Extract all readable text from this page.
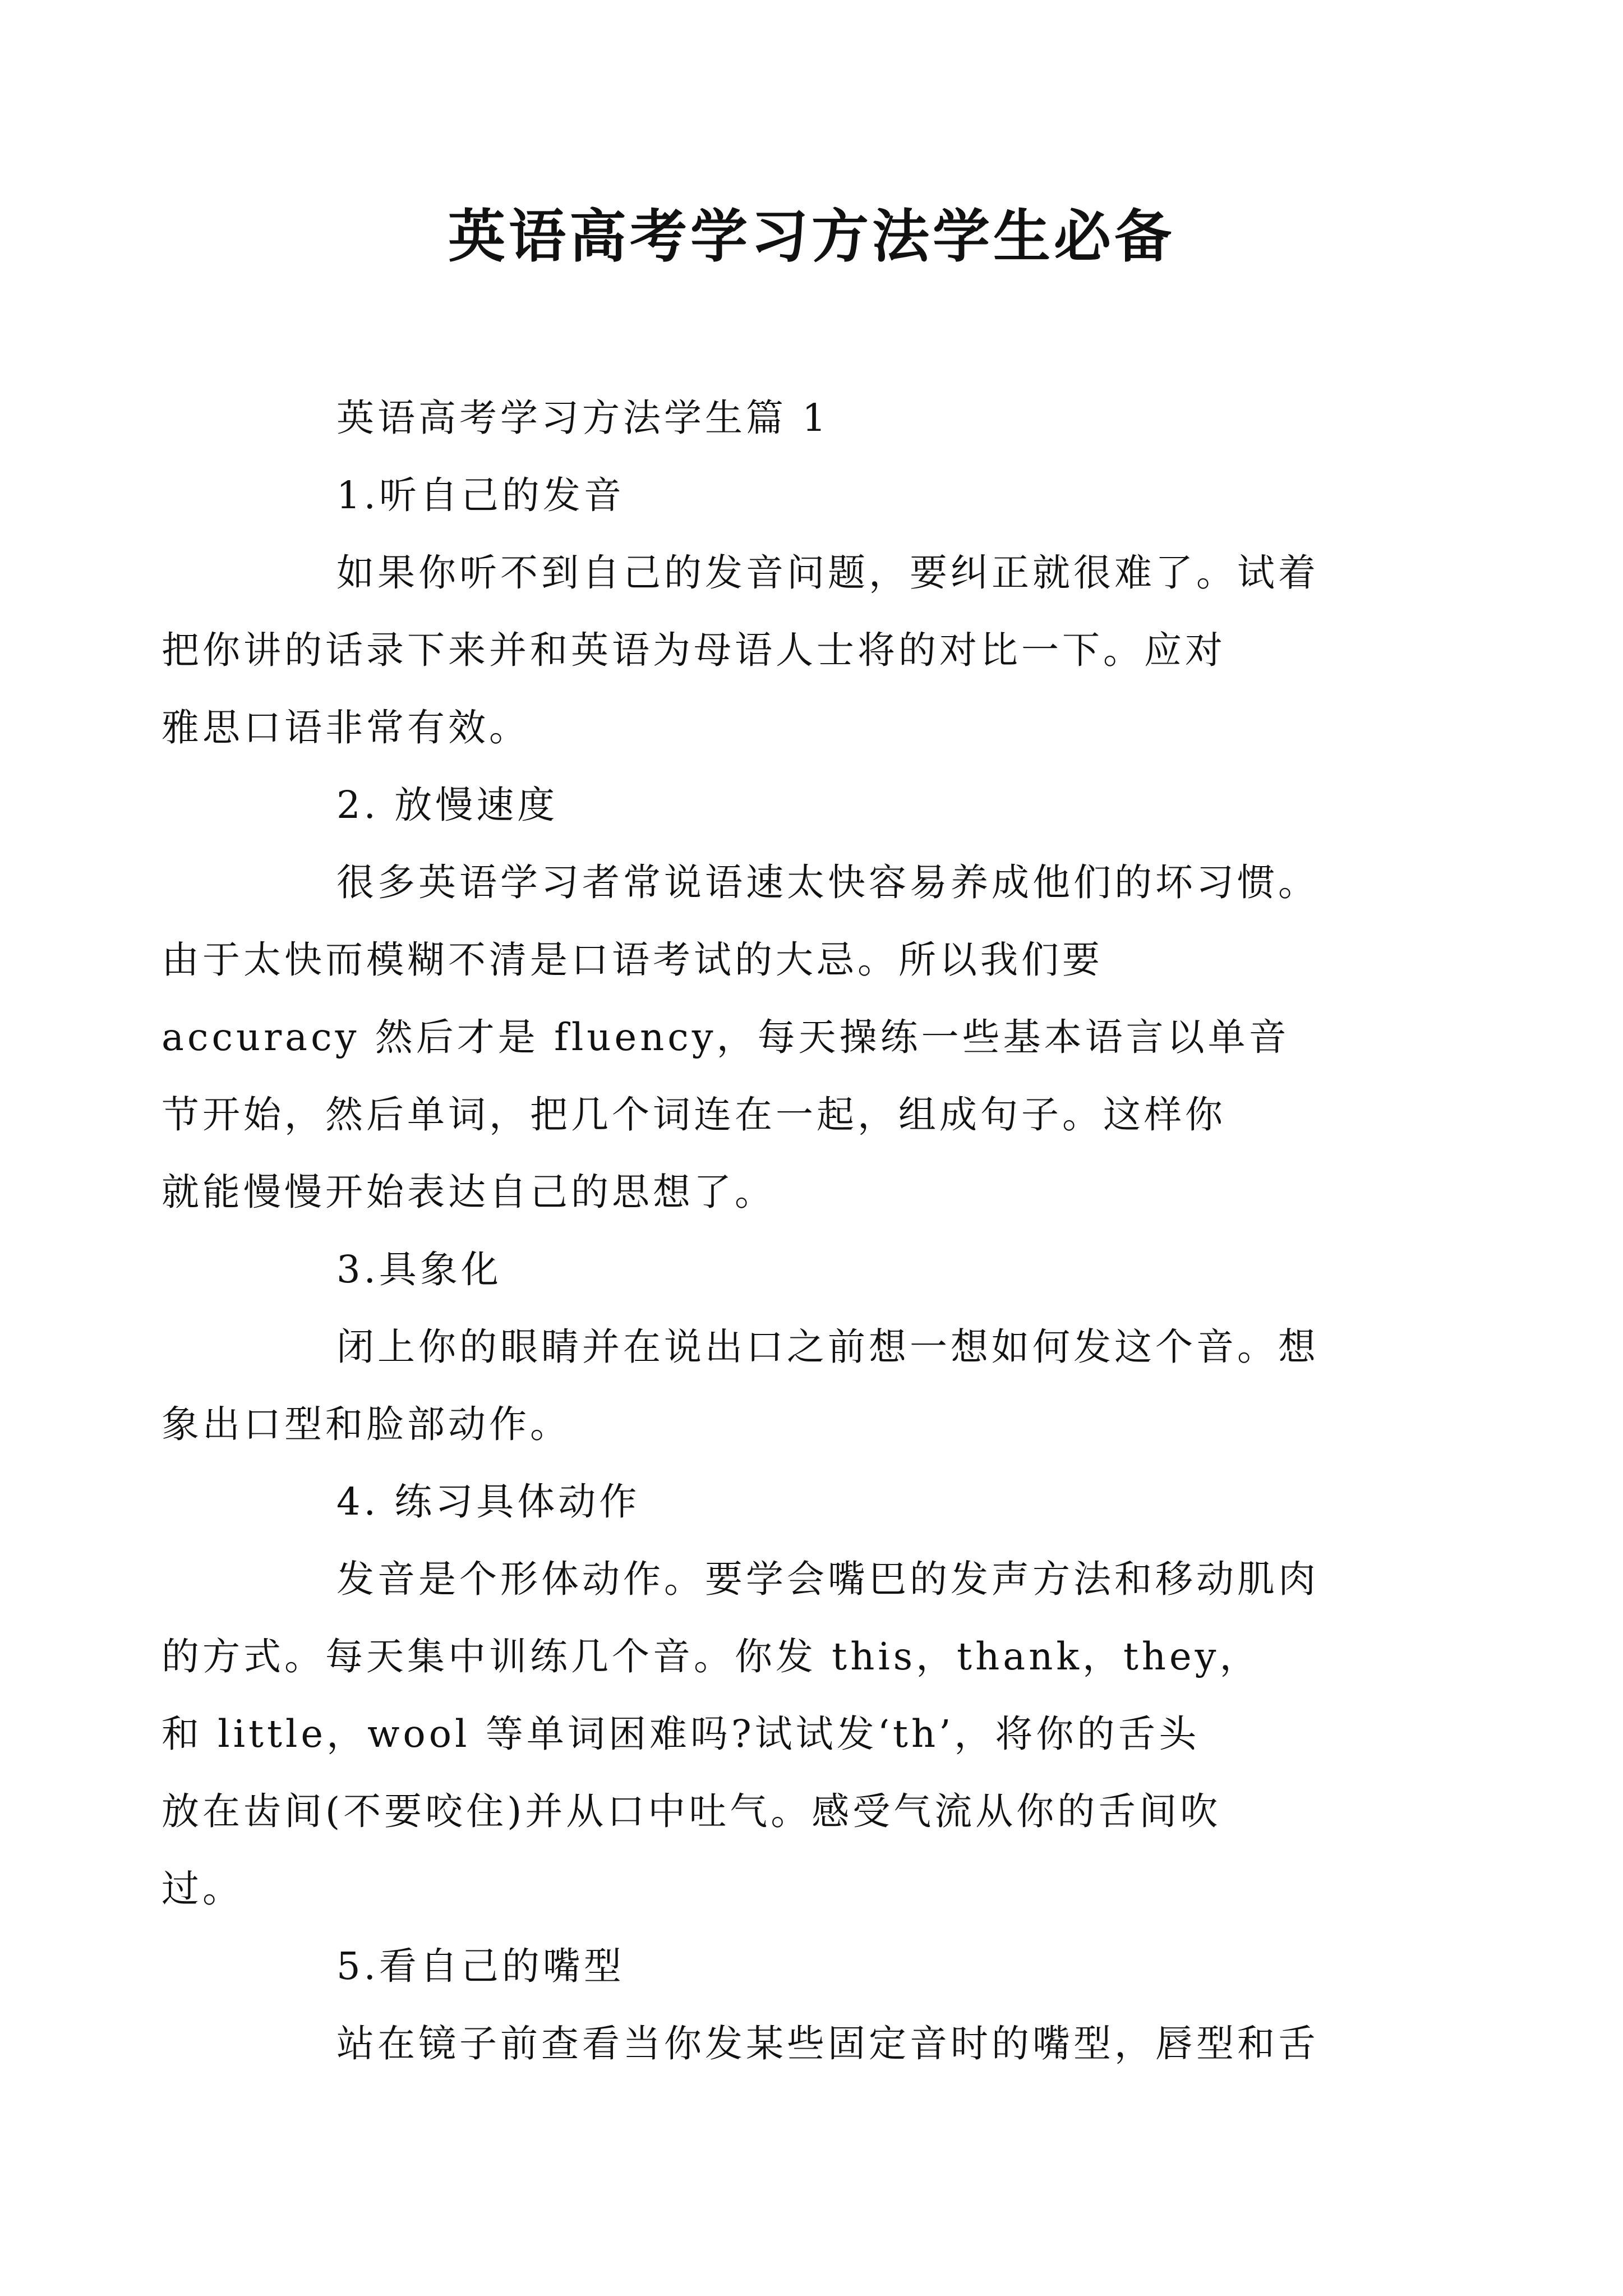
英语高考学习方法学生必备

英语高考学习方法学生篇 1

1.听自己的发音

如果你听不到自己的发音问题，要纠正就很难了。试着
把你讲的话录下来并和英语为母语人士将的对比一下。应对
雅思口语非常有效。

2. 放慢速度

很多英语学习者常说语速太快容易养成他们的坏习惯。
由于太快而模糊不清是口语考试的大忌。所以我们要
accuracy 然后才是 fluency，每天操练一些基本语言以单音
节开始，然后单词，把几个词连在一起，组成句子。这样你
就能慢慢开始表达自己的思想了。

3.具象化

闭上你的眼睛并在说出口之前想一想如何发这个音。想
象出口型和脸部动作。

4. 练习具体动作

发音是个形体动作。要学会嘴巴的发声方法和移动肌肉
的方式。每天集中训练几个音。你发 this，thank，they，
和 little，wool 等单词困难吗?试试发‘th’，将你的舌头
放在齿间(不要咬住)并从口中吐气。感受气流从你的舌间吹
过。

5.看自己的嘴型

站在镜子前查看当你发某些固定音时的嘴型，唇型和舌
